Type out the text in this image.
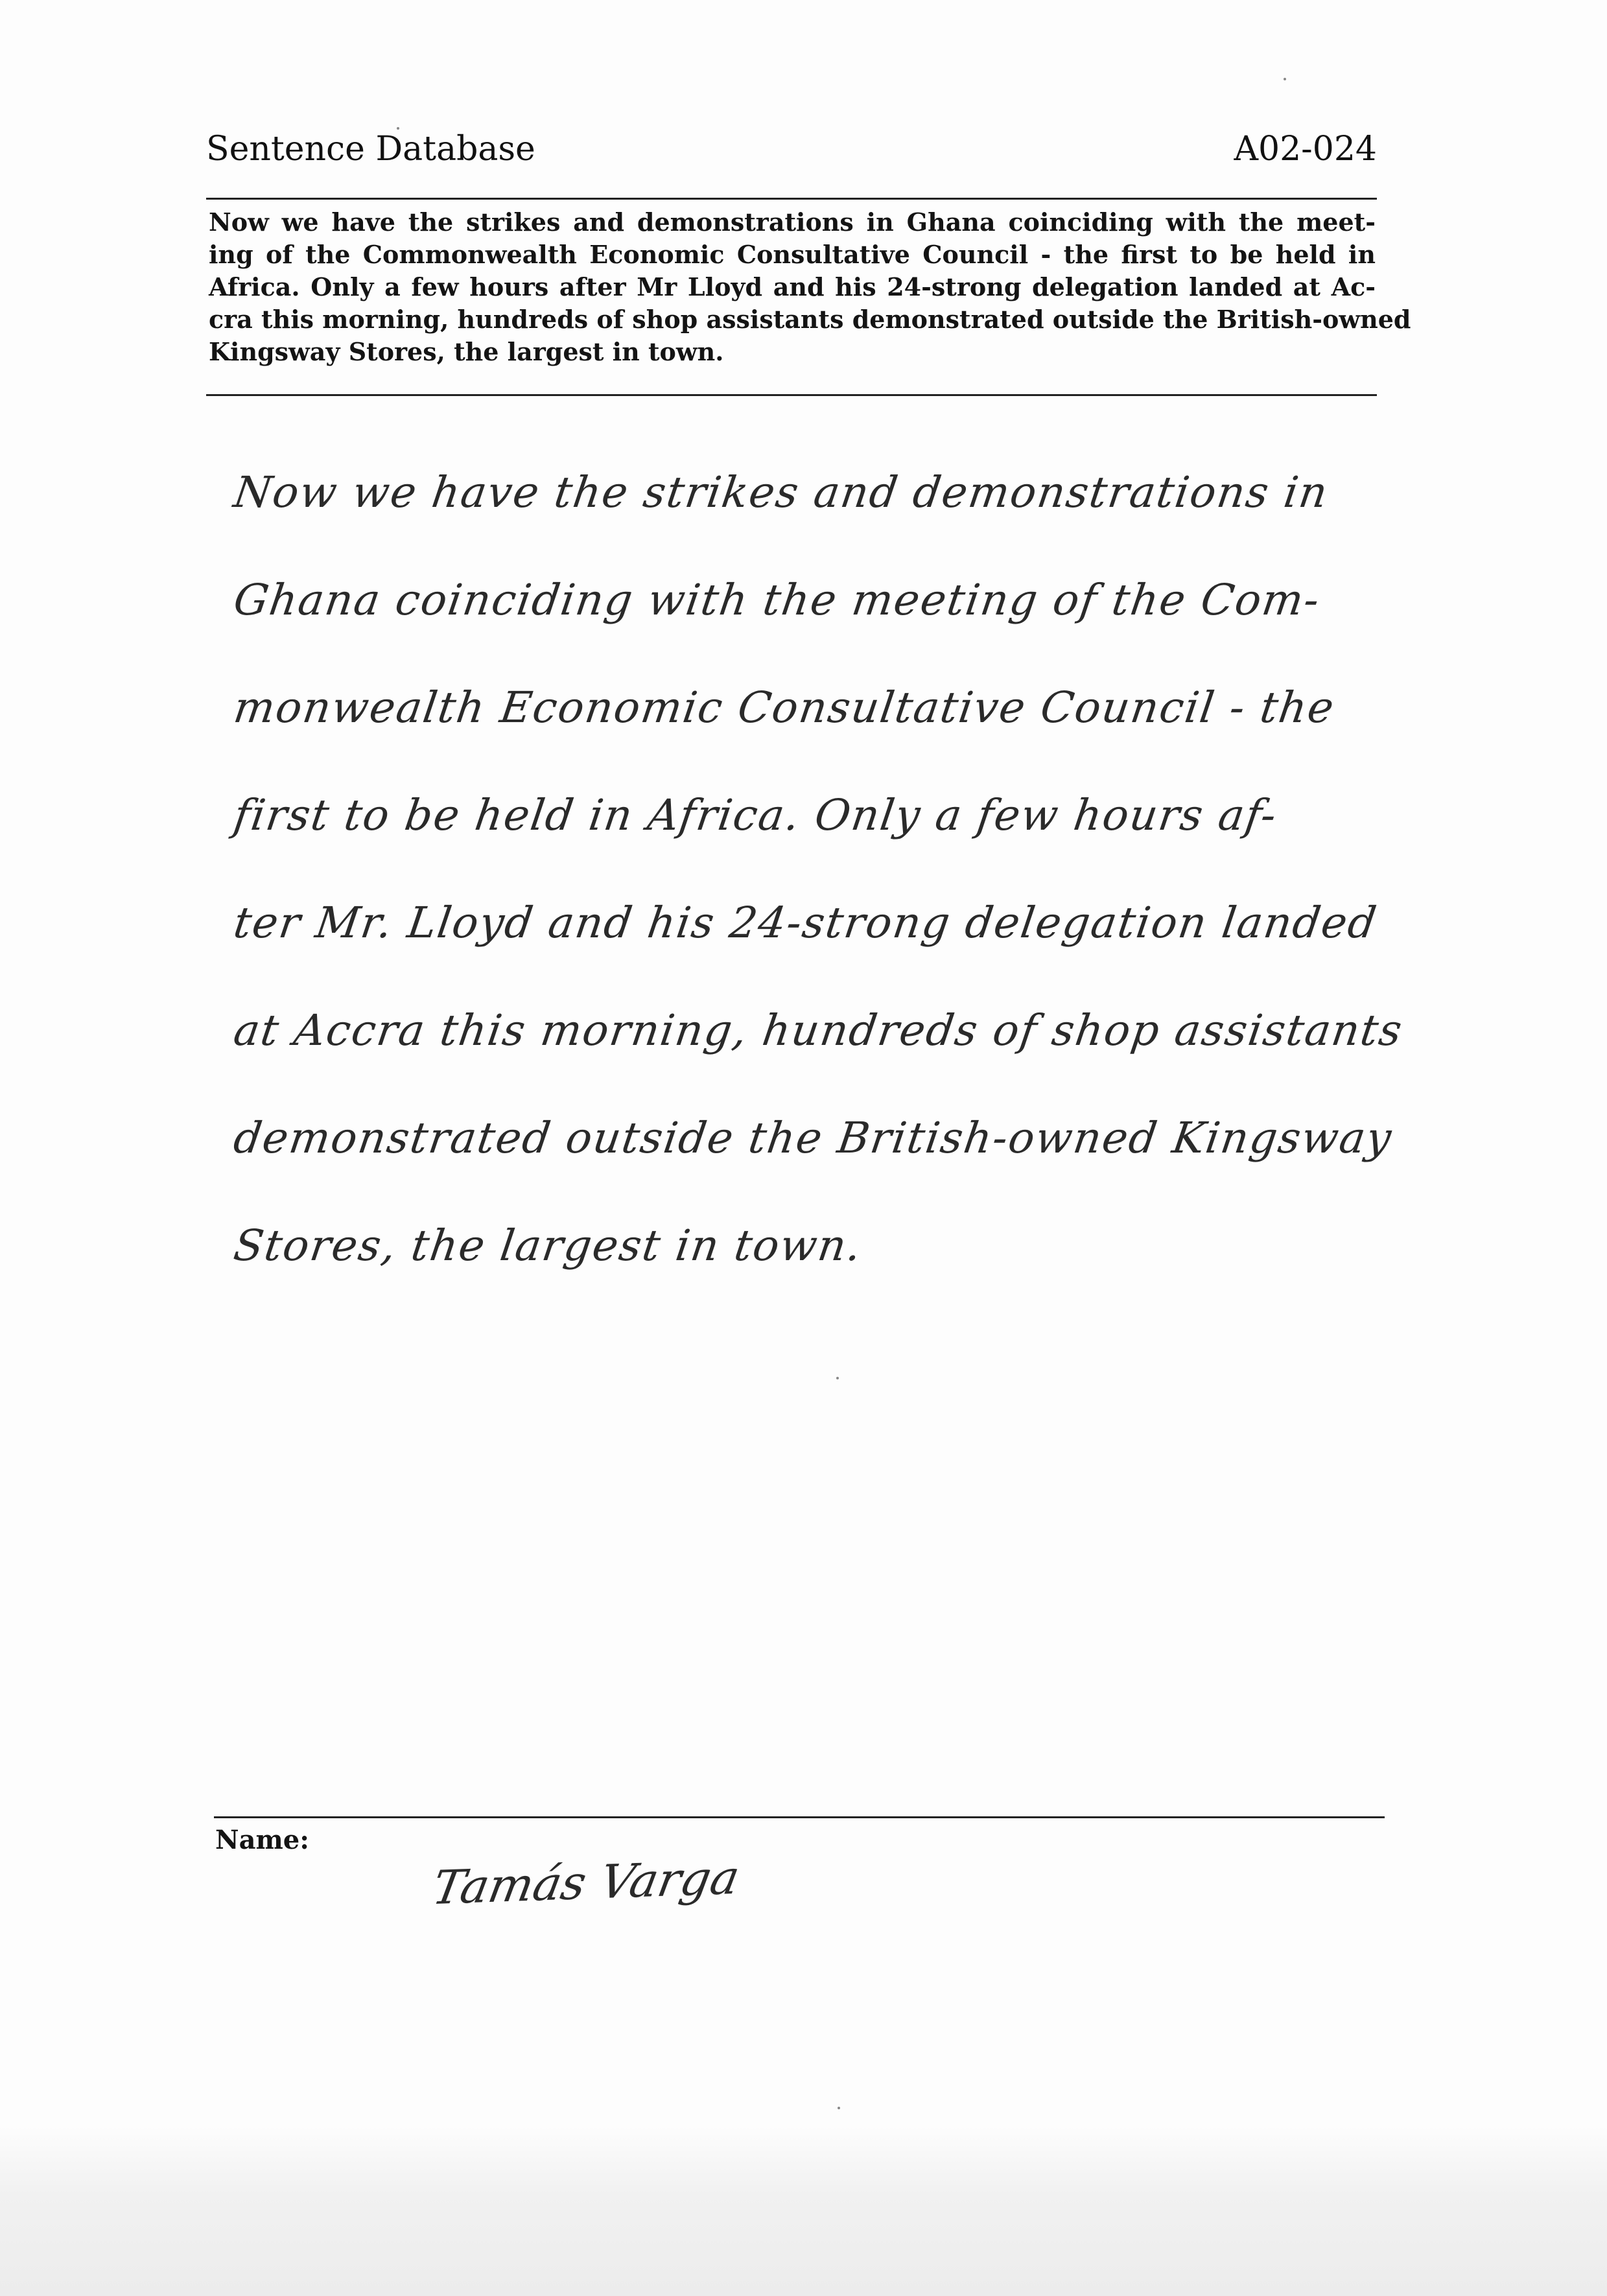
Sentence Database	A02-024
Now we have the strikes and demonstrations in Ghana coinciding with the meet-
ing of the Commonwealth Economic Consultative Council - the first to be held in
Africa. Only a few hours after Mr Lloyd and his 24-strong delegation landed at Ac-
cra this morning, hundreds of shop assistants demonstrated outside the British-owned
Kingsway Stores, the largest in town.
Now we have the strikes and demonstrations in
Ghana coinciding with the meeting of the Com-
monwealth Economic Consultative Council - the
first to be held in Africa. Only a few hours af-
ter Mr. Lloyd and his 24-strong delegation landed
at Accra this morning, hundreds of shop assistants
demonstrated outside the British-owned Kingsway
Stores, the largest in town.
Name:
Tamás Varga
